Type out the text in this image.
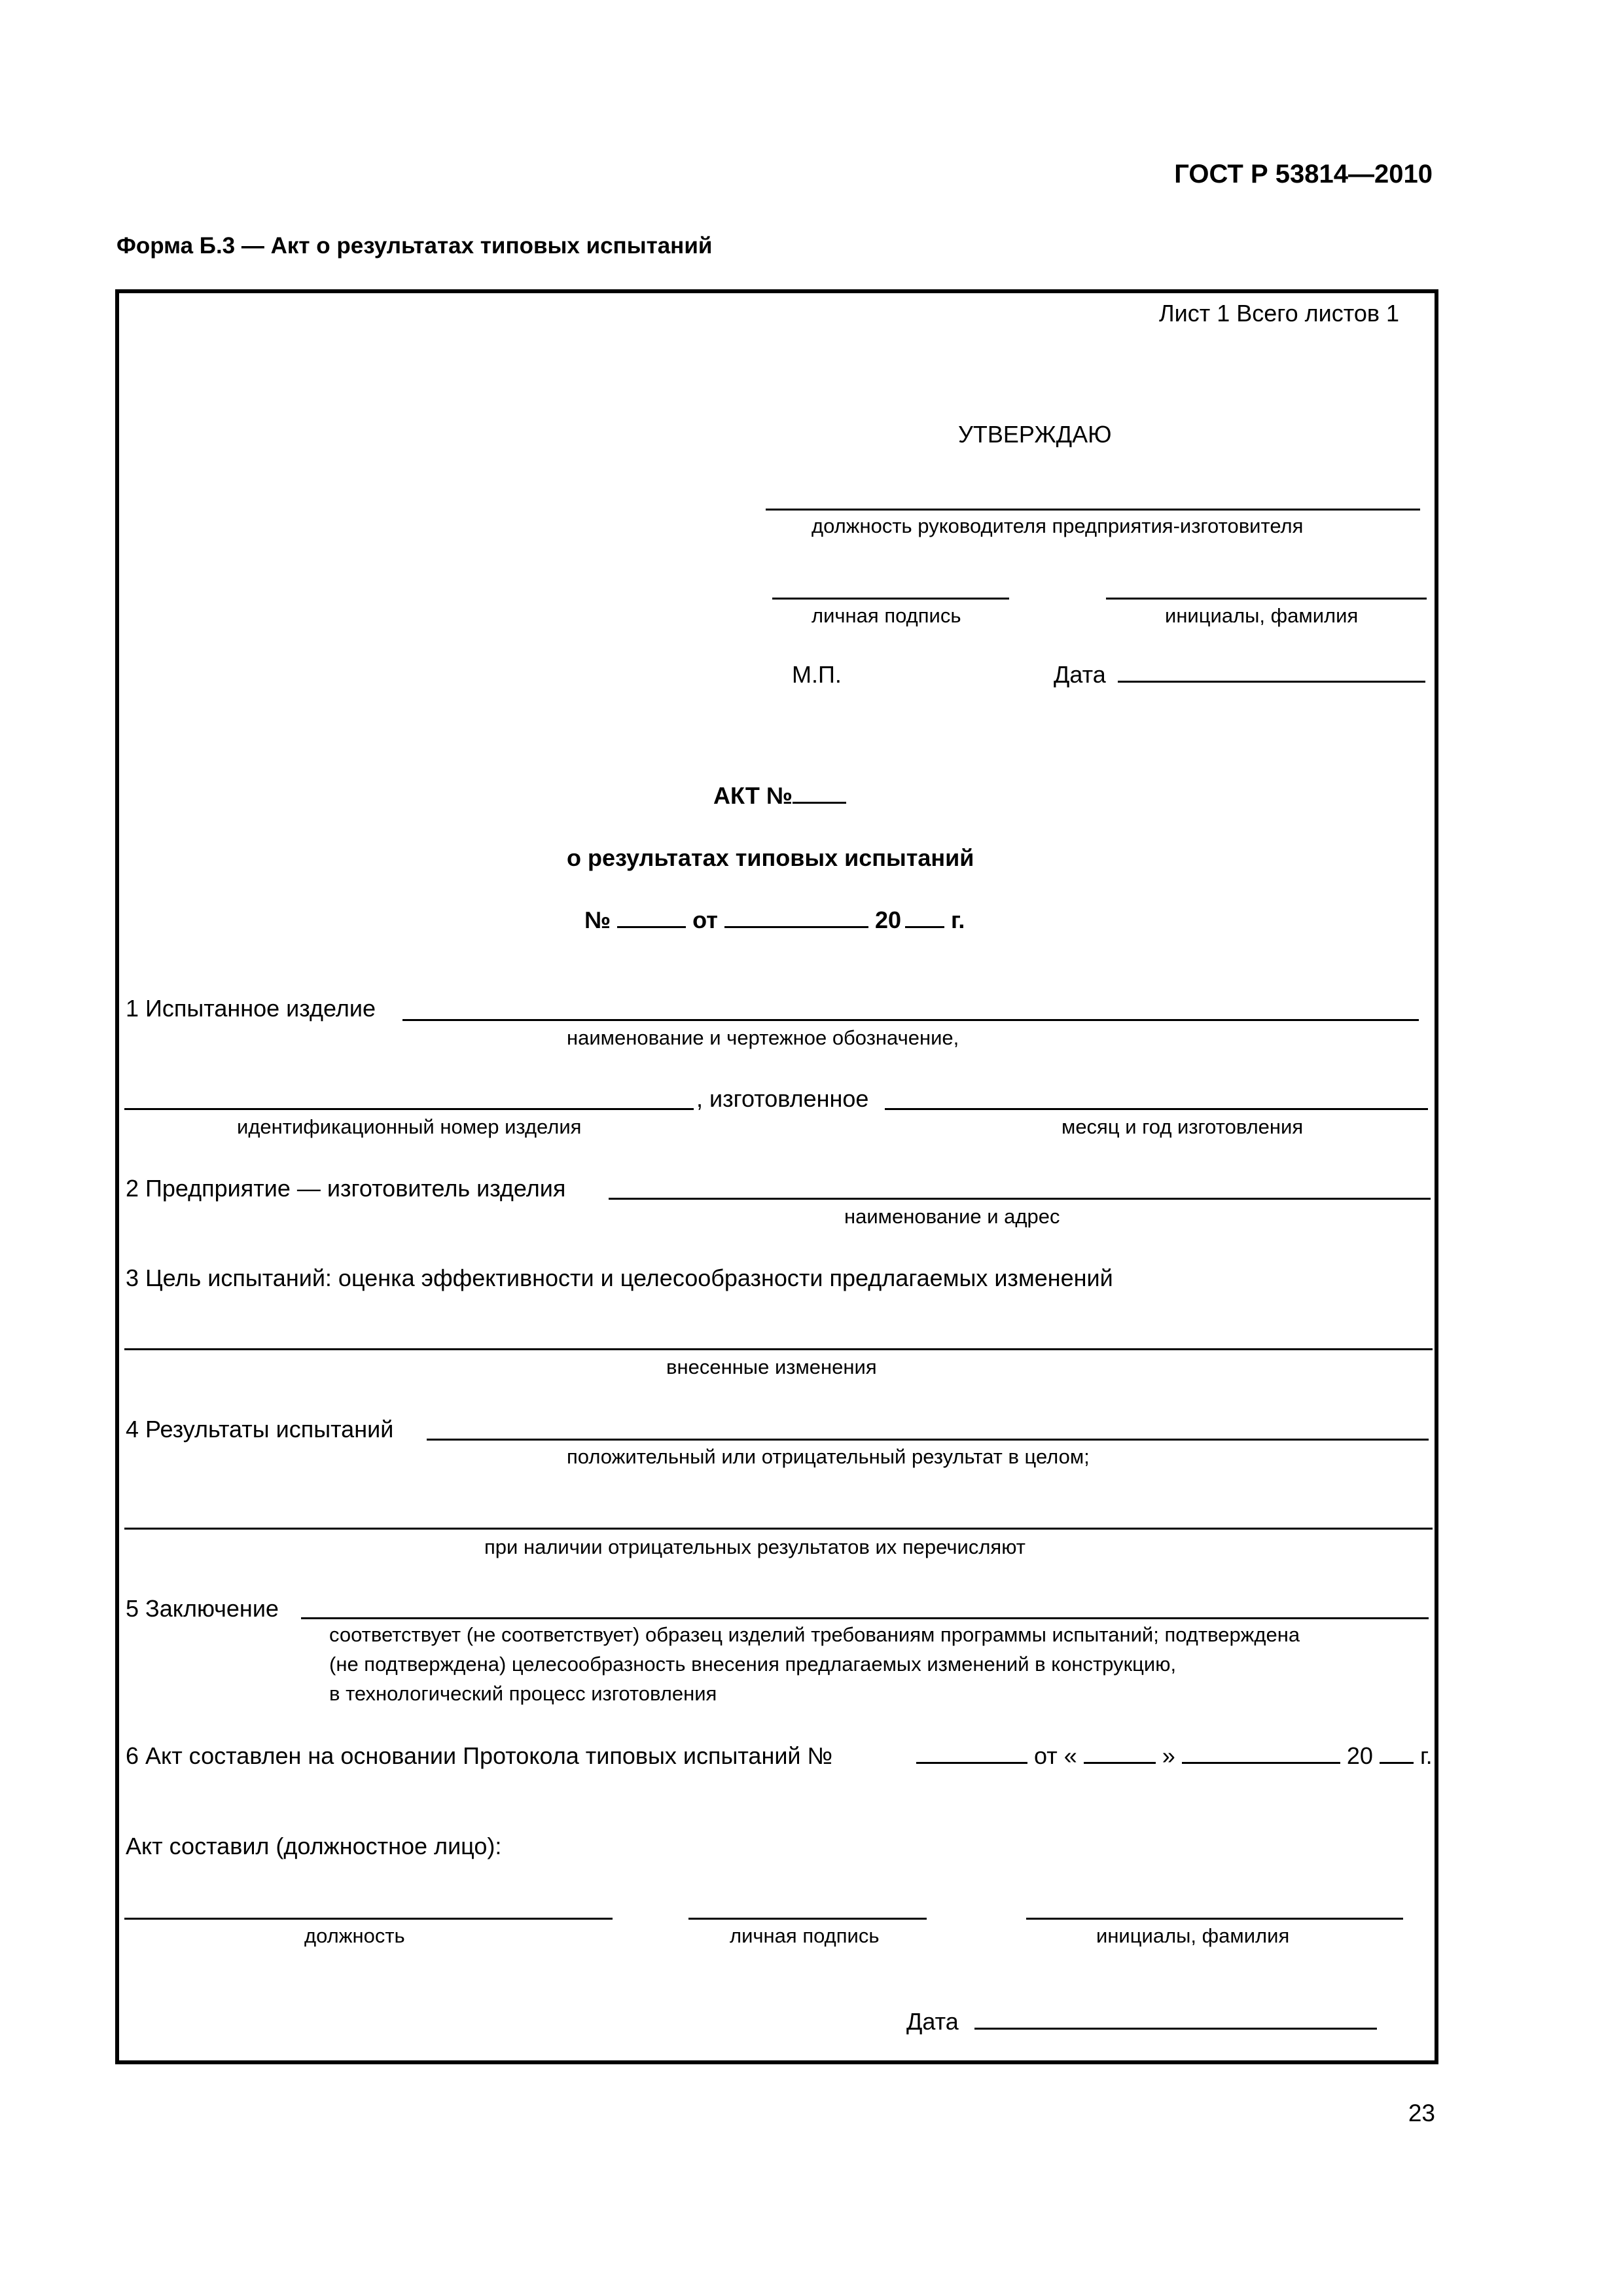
ГОСТ Р 53814—2010
Форма Б.3 — Акт о результатах типовых испытаний
Лист 1 Всего листов 1
УТВЕРЖДАЮ
должность руководителя предприятия-изготовителя
личная подпись	инициалы, фамилия
М.П.	Дата
АКТ №
о результатах типовых испытаний
№	от	20 г.
1 Испытанное изделие
наименование и чертежное обозначение,
, изготовленное
идентификационный номер изделия	месяц и год изготовления
2 Предприятие — изготовитель изделия
наименование и адрес
3 Цель испытаний: оценка эффективности и целесообразности предлагаемых изменений
внесенные изменения
4 Результаты испытаний
положительный или отрицательный результат в целом;
при наличии отрицательных результатов их перечисляют
5 Заключение
соответствует (не соответствует) образец изделий требованиям программы испытаний; подтверждена
(не подтверждена) целесообразность внесения предлагаемых изменений в конструкцию,
в технологический процесс изготовления
6 Акт составлен на основании Протокола типовых испытаний №	от «	»	20 г.
Акт составил (должностное лицо):
должность	личная подпись	инициалы, фамилия
Дата
23
